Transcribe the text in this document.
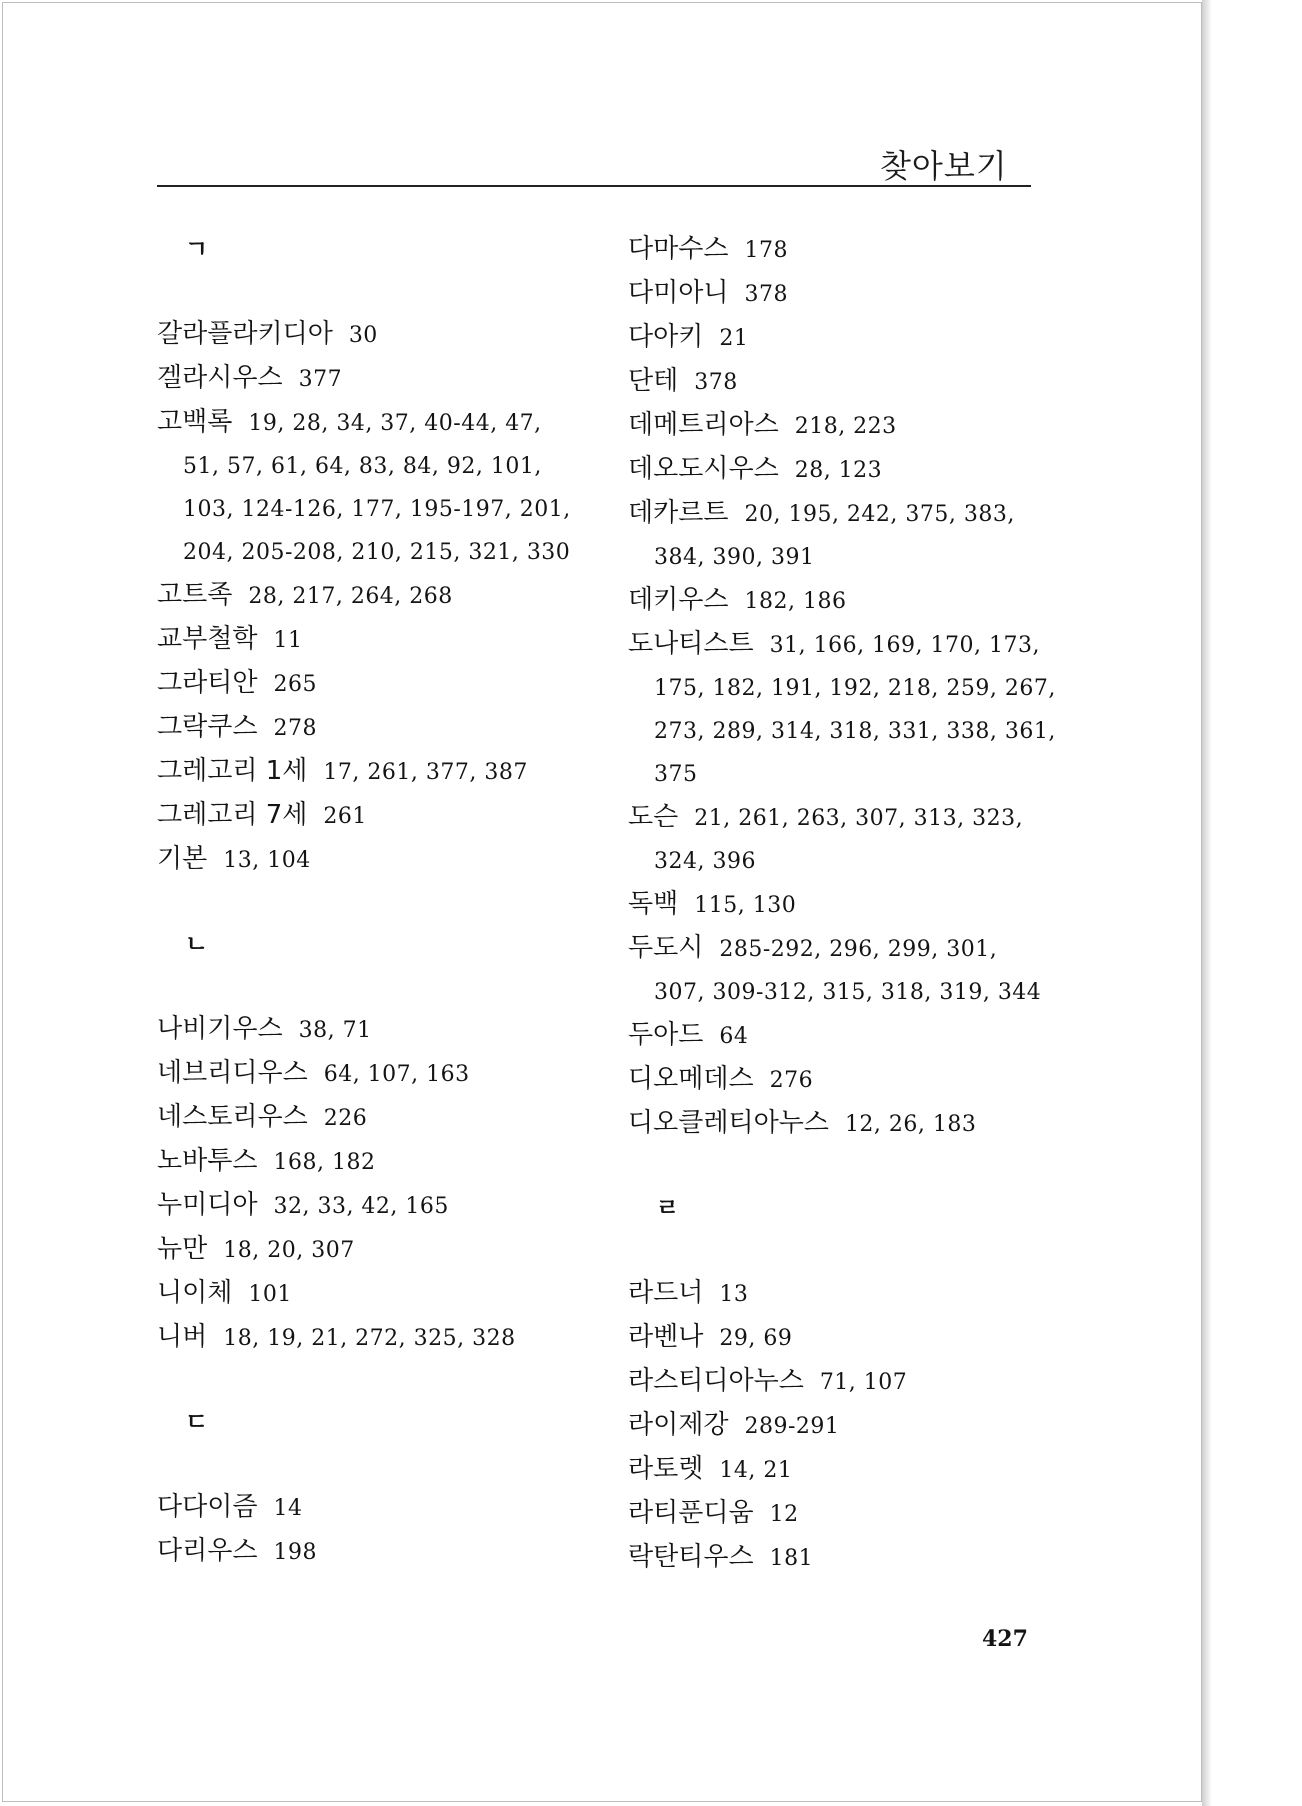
찾아보기
ㄱ
갈라플라키디아 30
겔라시우스 377
고백록 19, 28, 34, 37, 40-44, 47,
51, 57, 61, 64, 83, 84, 92, 101,
103, 124-126, 177, 195-197, 201,
204, 205-208, 210, 215, 321, 330
고트족 28, 217, 264, 268
교부철학 11
그라티안 265
그락쿠스 278
그레고리 1세 17, 261, 377, 387
그레고리 7세 261
기본 13, 104
ㄴ
나비기우스 38, 71
네브리디우스 64, 107, 163
네스토리우스 226
노바투스 168, 182
누미디아 32, 33, 42, 165
뉴만 18, 20, 307
니이체 101
니버 18, 19, 21, 272, 325, 328
ㄷ
다다이즘 14
다리우스 198
다마수스 178
다미아니 378
다아키 21
단테 378
데메트리아스 218, 223
데오도시우스 28, 123
데카르트 20, 195, 242, 375, 383,
384, 390, 391
데키우스 182, 186
도나티스트 31, 166, 169, 170, 173,
175, 182, 191, 192, 218, 259, 267,
273, 289, 314, 318, 331, 338, 361,
375
도슨 21, 261, 263, 307, 313, 323,
324, 396
독백 115, 130
두도시 285-292, 296, 299, 301,
307, 309-312, 315, 318, 319, 344
두아드 64
디오메데스 276
디오클레티아누스 12, 26, 183
ㄹ
라드너 13
라벤나 29, 69
라스티디아누스 71, 107
라이제강 289-291
라토렛 14, 21
라티푼디움 12
락탄티우스 181
427
